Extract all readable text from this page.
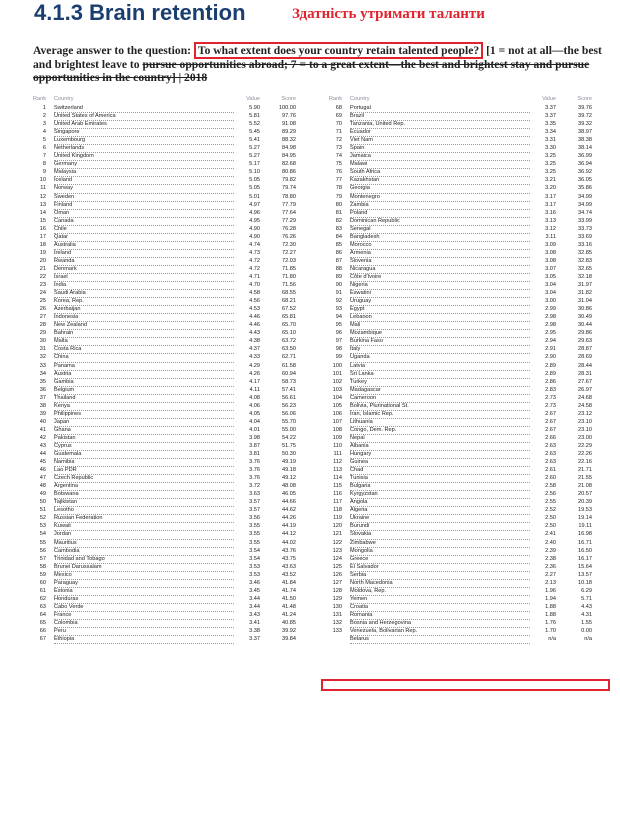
4.1.3 Brain retention	Здатність утримати таланти
Average answer to the question: To what extent does your country retain talented people? [1 = not at all—the best and brightest leave to pursue opportunities abroad; 7 = to a great extent—the best and brightest stay and pursue opportunities in the country] | 2018
Rank Country	Value	Score
1 Switzerland	5.90	100.00
2 United States of America	5.81	97.76
3 United Arab Emirates	5.52	91.08
4 Singapore	5.45	89.29
5 Luxembourg	5.41	88.32
6 Netherlands	5.27	84.98
7 United Kingdom	5.27	84.95
8 Germany	5.17	82.68
9 Malaysia	5.10	80.86
10 Iceland	5.05	79.82
11 Norway	5.05	79.74
12 Sweden	5.01	78.80
13 Finland	4.97	77.79
14 Oman	4.96	77.64
15 Canada	4.95	77.29
16 Chile	4.90	76.28
17 Qatar	4.90	76.26
18 Australia	4.74	72.30
19 Ireland	4.73	72.27
20 Rwanda	4.72	72.03
21 Denmark	4.72	71.85
22 Israel	4.71	71.80
23 India	4.70	71.56
24 Saudi Arabia	4.58	68.55
25 Korea, Rep.	4.56	68.21
26 Azerbaijan	4.53	67.52
27 Indonesia	4.46	65.81
28 New Zealand	4.46	65.70
29 Bahrain	4.43	65.10
30 Malta	4.38	63.72
31 Costa Rica	4.37	63.50
32 China	4.33	62.71
33 Panama	4.29	61.58
34 Austria	4.26	60.94
35 Gambia	4.17	58.73
36 Belgium	4.11	57.41
37 Thailand	4.08	56.61
38 Kenya	4.06	56.23
39 Philippines	4.05	56.06
40 Japan	4.04	55.70
41 Ghana	4.01	55.00
42 Pakistan	3.98	54.22
43 Cyprus	3.87	51.75
44 Guatemala	3.81	50.30
45 Namibia	3.76	49.19
46 Lao PDR	3.76	49.18
47 Czech Republic	3.76	49.12
48 Argentina	3.72	48.08
49 Botswana	3.63	46.05
50 Tajikistan	3.57	44.66
51 Lesotho	3.57	44.62
52 Russian Federation	3.56	44.26
53 Kuwait	3.55	44.19
54 Jordan	3.55	44.12
55 Mauritius	3.55	44.02
56 Cambodia	3.54	43.76
57 Trinidad and Tobago	3.54	43.75
58 Brunei Darussalam	3.53	43.63
59 Mexico	3.53	43.52
60 Paraguay	3.46	41.84
61 Estonia	3.45	41.74
62 Honduras	3.44	41.50
63 Cabo Verde	3.44	41.48
64 France	3.43	41.24
65 Colombia	3.41	40.85
66 Peru	3.38	39.92
67 Ethiopia	3.37	39.84
Rank Country	Value	Score
68 Portugal	3.37	39.76
69 Brazil	3.37	39.72
70 Tanzania, United Rep.	3.35	39.32
71 Ecuador	3.34	38.97
72 Viet Nam	3.31	38.38
73 Spain	3.30	38.14
74 Jamaica	3.25	36.99
75 Malawi	3.25	36.94
76 South Africa	3.25	36.92
77 Kazakhstan	3.21	36.05
78 Georgia	3.20	35.86
79 Montenegro	3.17	34.99
80 Zambia	3.17	34.99
81 Poland	3.16	34.74
82 Dominican Republic	3.13	33.99
83 Senegal	3.12	33.73
84 Bangladesh	3.11	33.69
85 Morocco	3.09	33.16
86 Armenia	3.08	32.85
87 Slovenia	3.08	32.83
88 Nicaragua	3.07	32.65
89 Côte d'Ivoire	3.05	32.18
90 Nigeria	3.04	31.97
91 Eswatini	3.04	31.82
92 Uruguay	3.00	31.04
93 Egypt	2.99	30.86
94 Lebanon	2.98	30.49
95 Mali	2.98	30.44
96 Mozambique	2.95	29.86
97 Burkina Faso	2.94	29.63
98 Italy	2.91	28.87
99 Uganda	2.90	28.69
100 Latvia	2.89	28.44
101 Sri Lanka	2.89	28.31
102 Turkey	2.86	27.67
103 Madagascar	2.83	26.97
104 Cameroon	2.73	24.68
105 Bolivia, Plurinational St.	2.73	24.58
106 Iran, Islamic Rep.	2.67	23.12
107 Lithuania	2.67	23.10
108 Congo, Dem. Rep.	2.67	23.10
109 Nepal	2.66	23.00
110 Albania	2.63	22.29
111 Hungary	2.63	22.26
112 Guinea	2.63	22.16
113 Chad	2.61	21.71
114 Tunisia	2.60	21.55
115 Bulgaria	2.58	21.08
116 Kyrgyzstan	2.56	20.57
117 Angola	2.55	20.39
118 Algeria	2.52	19.53
119 Ukraine	2.50	19.14
120 Burundi	2.50	19.11
121 Slovakia	2.41	16.98
122 Zimbabwe	2.40	16.71
123 Mongolia	2.39	16.50
124 Greece	2.38	16.17
125 El Salvador	2.36	15.64
126 Serbia	2.27	13.57
127 North Macedonia	2.13	10.18
128 Moldova, Rep.	1.96	6.29
129 Yemen	1.94	5.71
130 Croatia	1.88	4.43
131 Romania	1.88	4.31
132 Bosnia and Herzegovina	1.76	1.55
133 Venezuela, Bolivarian Rep.	1.70	0.00
Belarus	n/a	n/a
